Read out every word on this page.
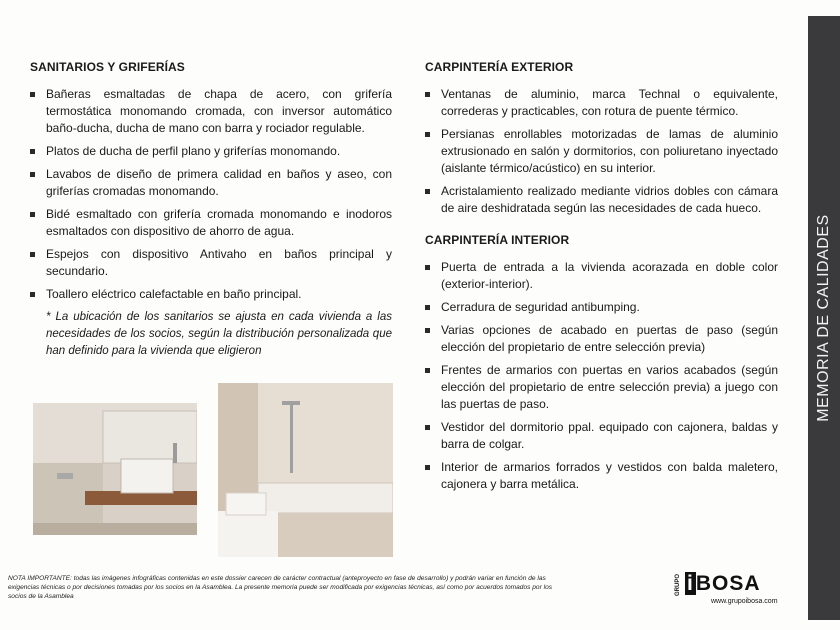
MEMORIA DE CALIDADES
SANITARIOS Y GRIFERÍAS
Bañeras esmaltadas de chapa de acero, con grifería termostática monomando cromada, con inversor automático baño-ducha, ducha de mano con barra y rociador regulable.
Platos de ducha de perfil plano y griferías monomando.
Lavabos de diseño de primera calidad en baños y aseo, con griferías cromadas monomando.
Bidé esmaltado con grifería cromada monomando e inodoros esmaltados con dispositivo de ahorro de agua.
Espejos con dispositivo Antivaho en baños principal y secundario.
Toallero eléctrico calefactable en baño principal.
* La ubicación de los sanitarios se ajusta en cada vivienda a las necesidades de los socios, según la distribución personalizada que han definido para la vivienda que eligieron
CARPINTERÍA EXTERIOR
Ventanas de aluminio, marca Technal o equivalente, correderas y practicables, con rotura de puente térmico.
Persianas enrollables motorizadas de lamas de aluminio extrusionado en salón y dormitorios, con poliuretano inyectado (aislante térmico/acústico) en su interior.
Acristalamiento realizado mediante vidrios dobles con cámara de aire deshidratada según las necesidades de cada hueco.
CARPINTERÍA INTERIOR
Puerta de entrada a la vivienda acorazada en doble color (exterior-interior).
Cerradura de seguridad antibumping.
Varias opciones de acabado en puertas de paso (según elección del propietario de entre selección previa)
Frentes de armarios con puertas en varios acabados (según elección del propietario de entre selección previa) a juego con las puertas de paso.
Vestidor del dormitorio ppal. equipado con cajonera, baldas y barra de colgar.
Interior de armarios forrados y vestidos con balda maletero, cajonera y barra metálica.
NOTA IMPORTANTE: todas las imágenes infográficas contenidas en este dossier carecen de carácter contractual (anteproyecto en fase de desarrollo) y podrán variar en función de las exigencias técnicas o por decisiones tomadas por los socios en la Asamblea. La presente memoria puede ser modificada por exigencias técnicas, así como por acuerdos tomados por los socios de la Asamblea
GRUPO iBOSA
www.grupoibosa.com
